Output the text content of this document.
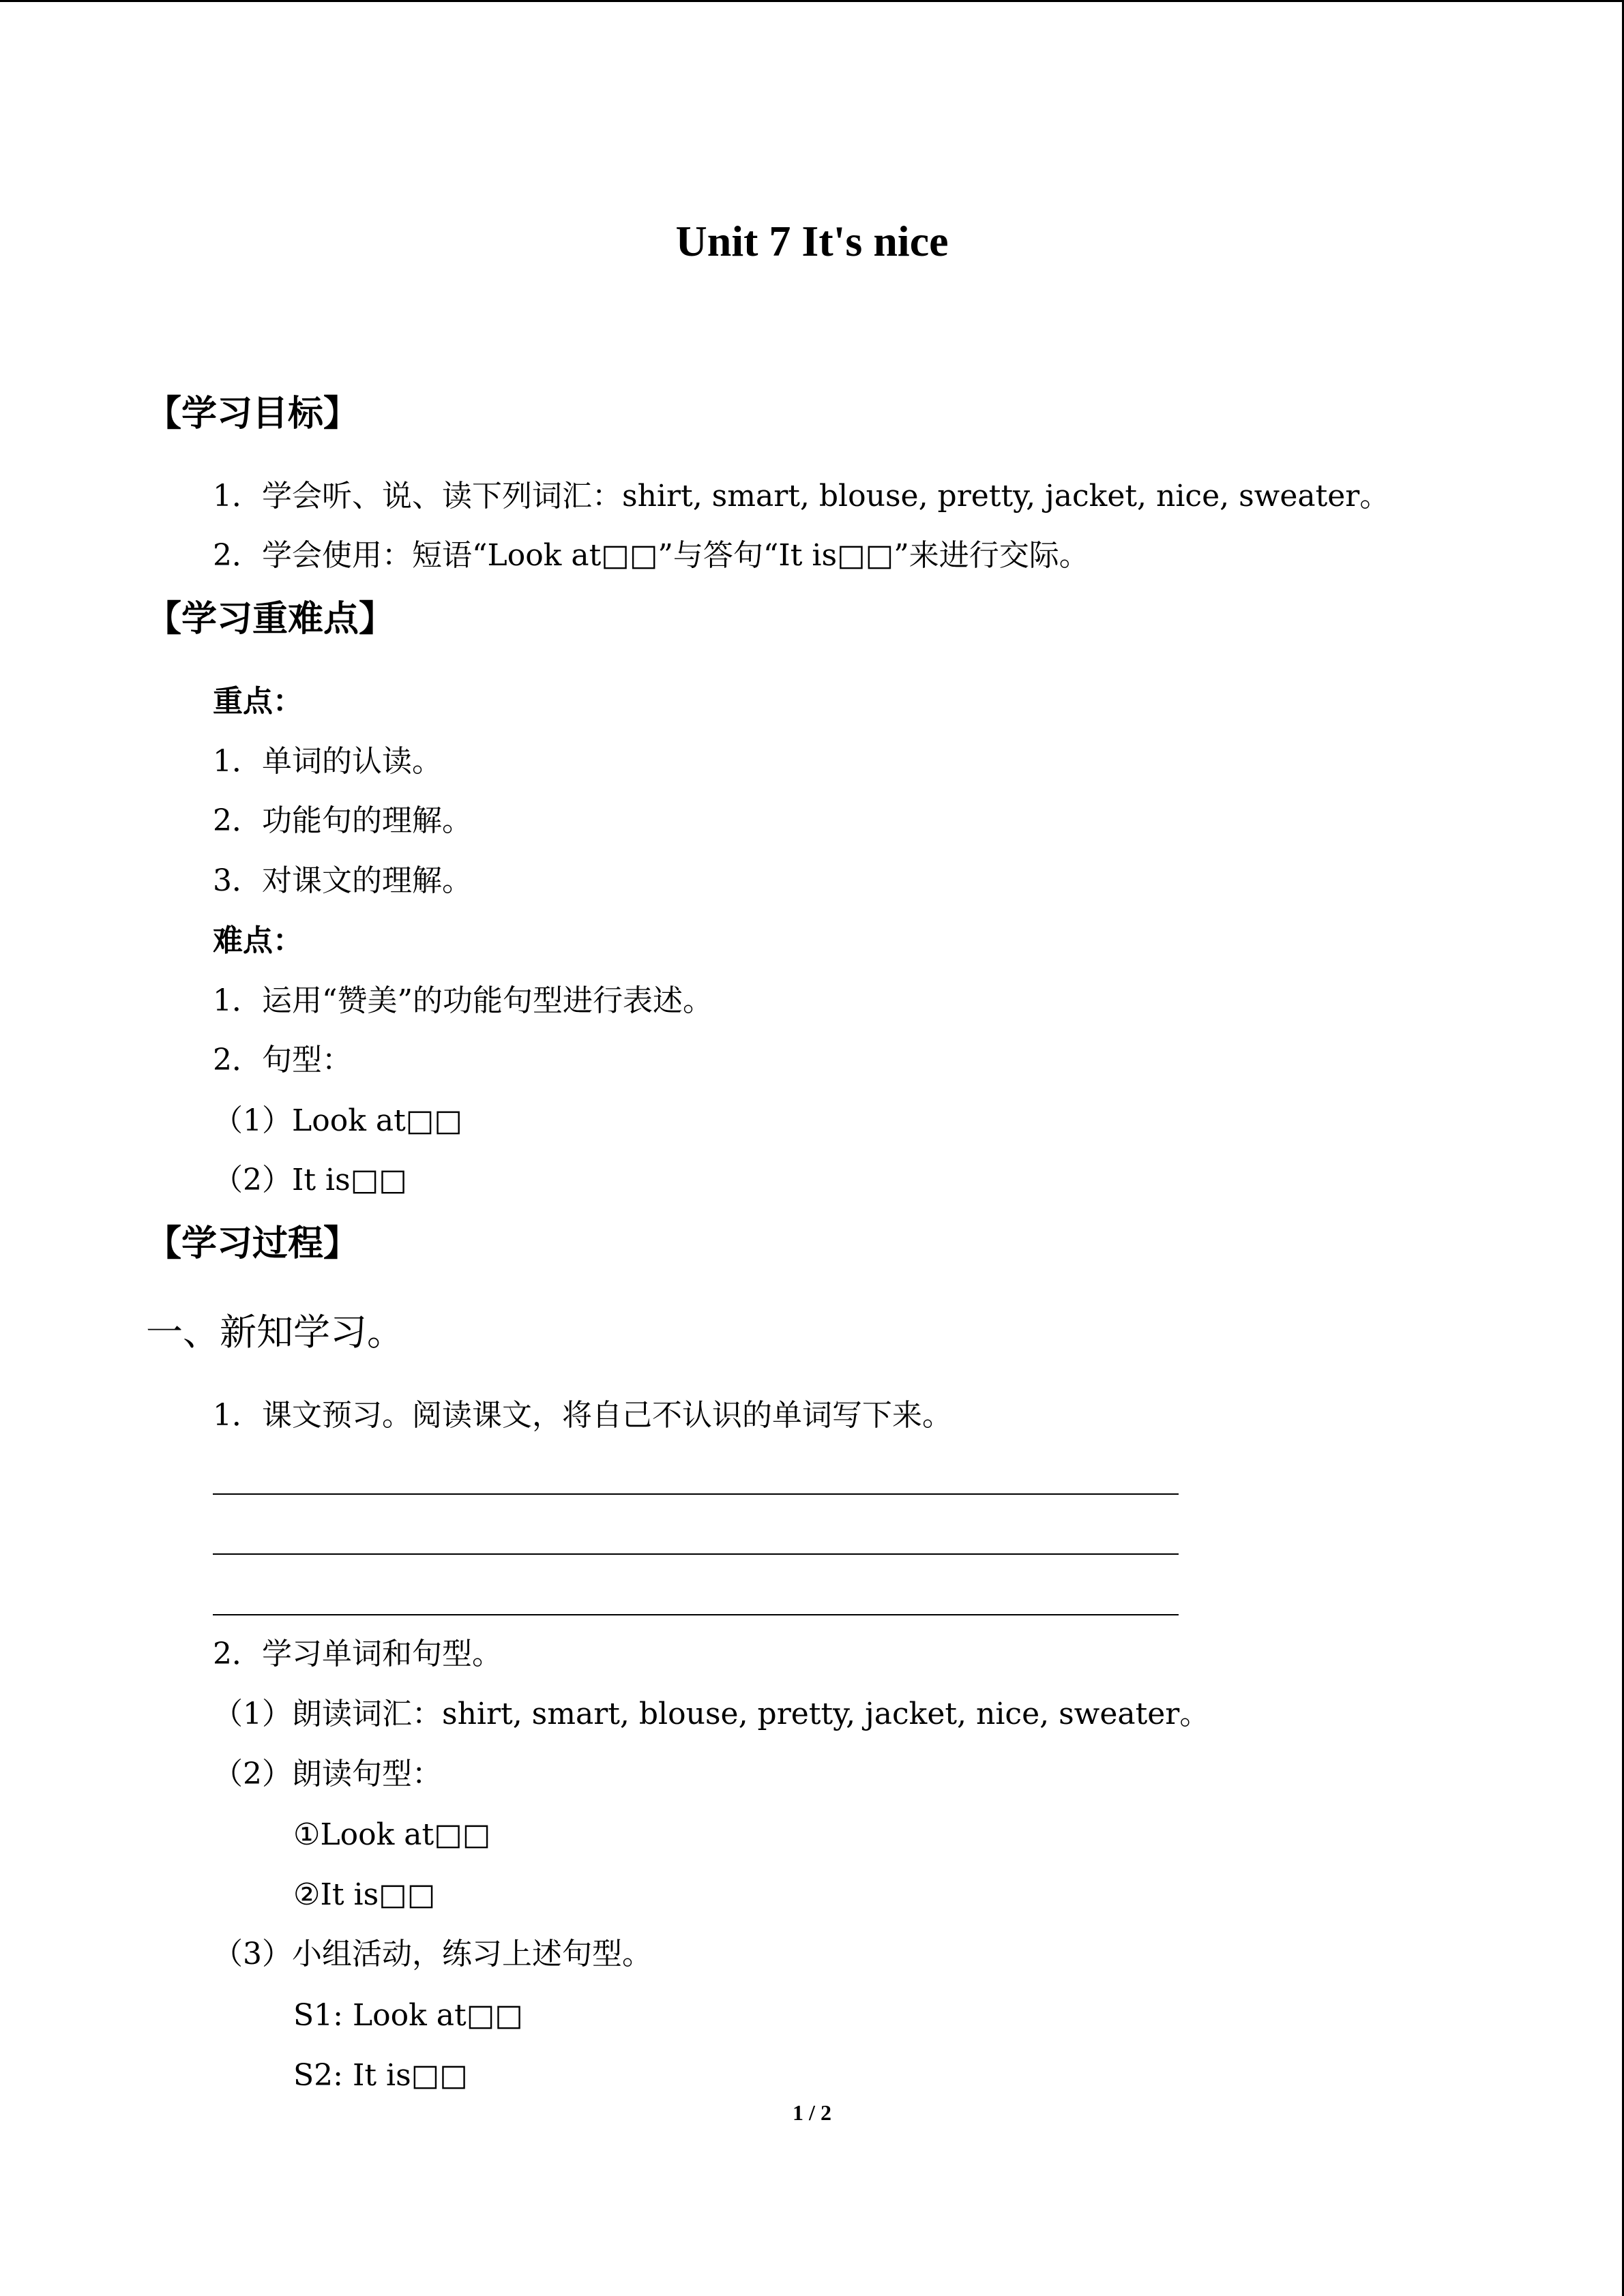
Unit 7 It's nice
【学习目标】
1．学会听、说、读下列词汇：shirt, smart, blouse, pretty, jacket, nice, sweater。
2．学会使用：短语“Look at□□”与答句“It is□□”来进行交际。
【学习重难点】
重点：
1．单词的认读。
2．功能句的理解。
3．对课文的理解。
难点：
1．运用“赞美”的功能句型进行表述。
2．句型：
（1）Look at□□
（2）It is□□
【学习过程】
一、新知学习。
1．课文预习。阅读课文，将自己不认识的单词写下来。
2．学习单词和句型。
（1）朗读词汇：shirt, smart, blouse, pretty, jacket, nice, sweater。
（2）朗读句型：
①Look at□□
②It is□□
（3）小组活动，练习上述句型。
S1: Look at□□
S2: It is□□
1 / 2
